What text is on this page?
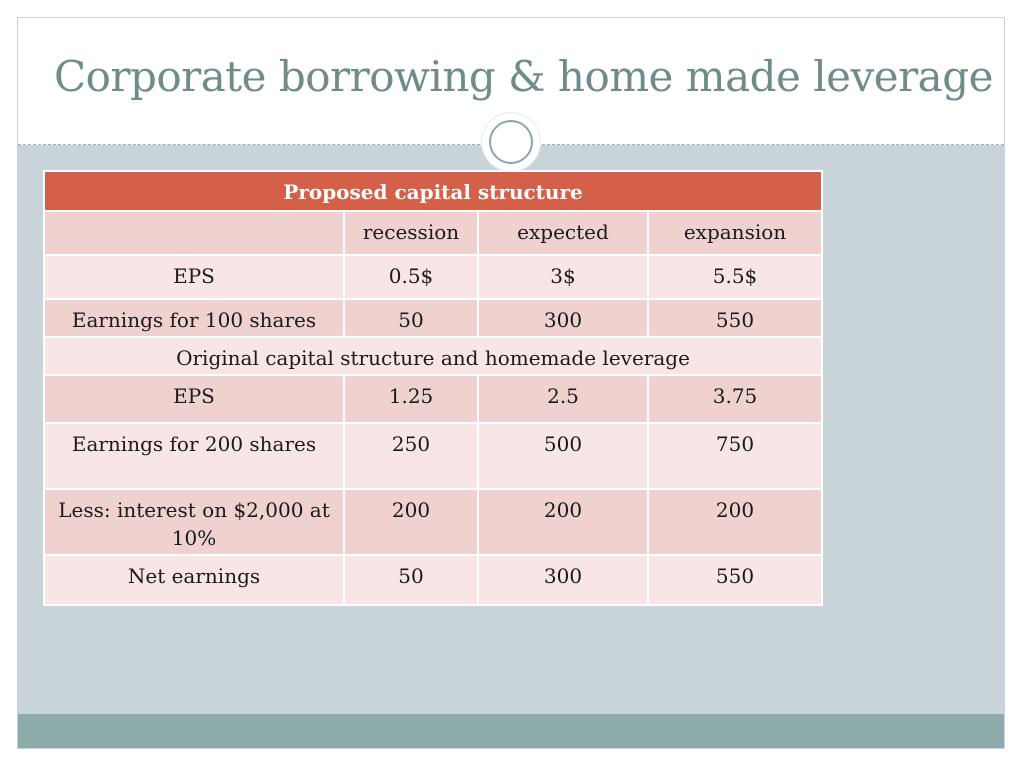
Corporate borrowing & home made leverage
Proposed capital structure			
	recession	expected	expansion
EPS	0.5$	3$	5.5$
Earnings for 100 shares	50	300	550
Original capital structure and homemade leverage			
EPS	1.25	2.5	3.75
Earnings for 200 shares	250	500	750
Less: interest on $2,000 at 10%	200	200	200
Net earnings	50	300	550
